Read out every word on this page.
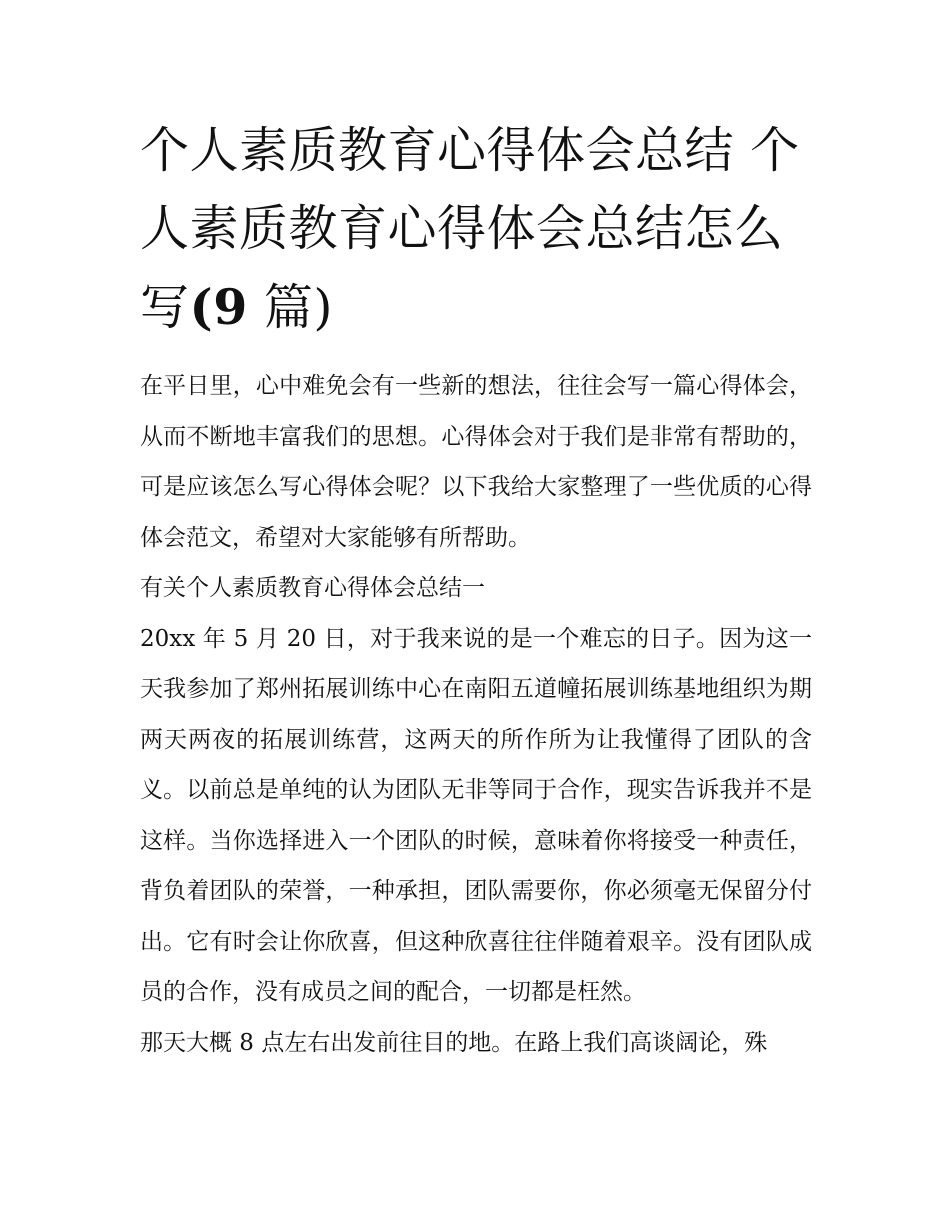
个人素质教育心得体会总结 个人素质教育心得体会总结怎么写(9 篇)

在平日里，心中难免会有一些新的想法，往往会写一篇心得体会，从而不断地丰富我们的思想。心得体会对于我们是非常有帮助的，可是应该怎么写心得体会呢？以下我给大家整理了一些优质的心得体会范文，希望对大家能够有所帮助。

有关个人素质教育心得体会总结一

20xx 年 5 月 20 日，对于我来说的是一个难忘的日子。因为这一天我参加了郑州拓展训练中心在南阳五道幢拓展训练基地组织为期两天两夜的拓展训练营，这两天的所作所为让我懂得了团队的含义。以前总是单纯的认为团队无非等同于合作，现实告诉我并不是这样。当你选择进入一个团队的时候，意味着你将接受一种责任，背负着团队的荣誉，一种承担，团队需要你，你必须毫无保留分付出。它有时会让你欣喜，但这种欣喜往往伴随着艰辛。没有团队成员的合作，没有成员之间的配合，一切都是枉然。

那天大概 8 点左右出发前往目的地。在路上我们高谈阔论，殊
